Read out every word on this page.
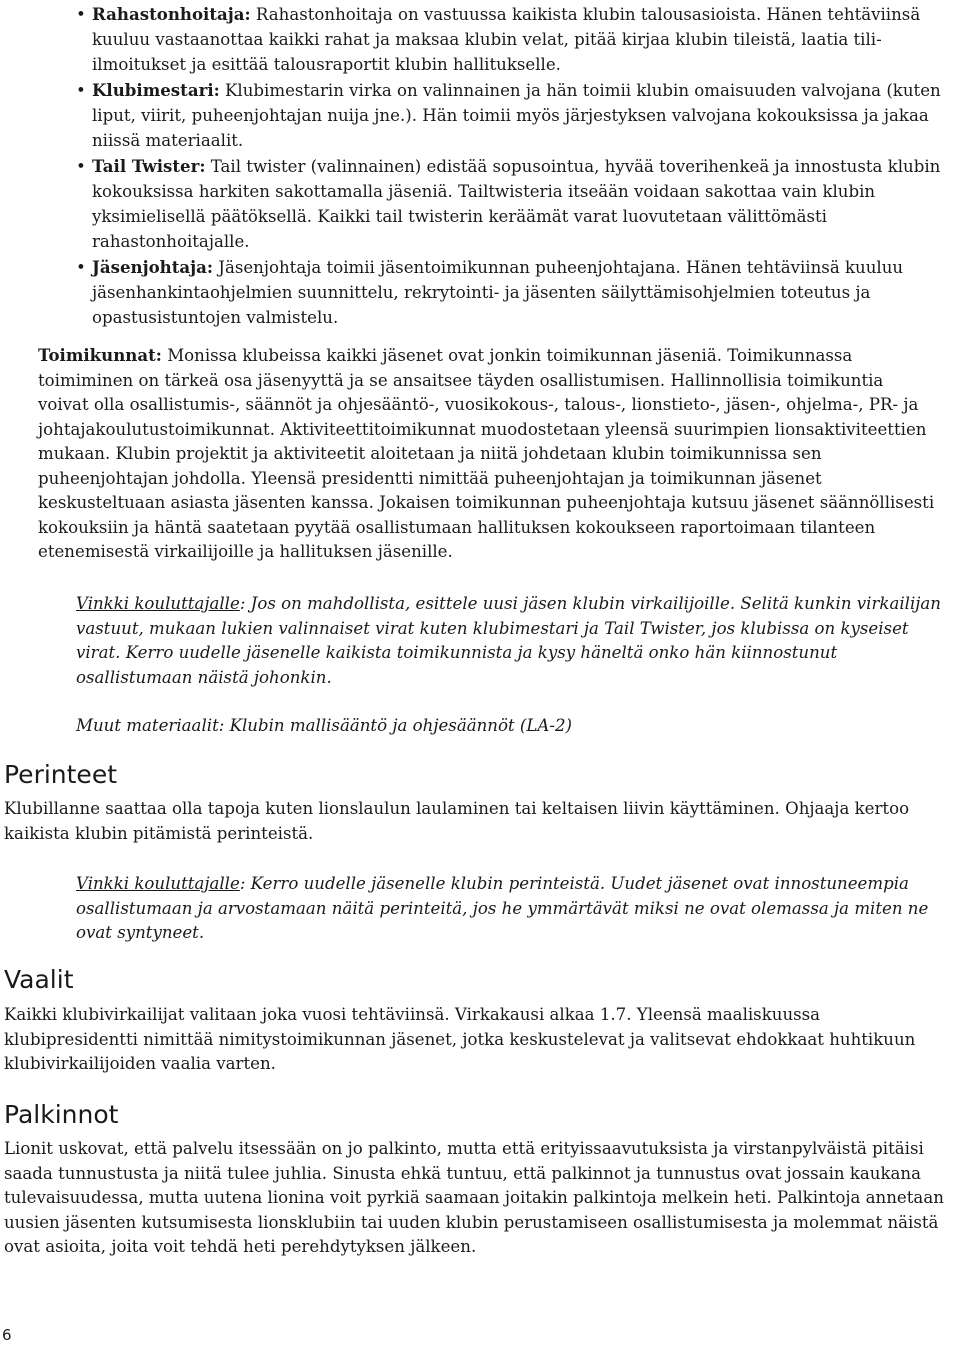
• Rahastonhoitaja: Rahastonhoitaja on vastuussa kaikista klubin talousasioista. Hänen tehtäviinsä kuuluu vastaanottaa kaikki rahat ja maksaa klubin velat, pitää kirjaa klubin tileistä, laatia tili-ilmoitukset ja esittää talousraportit klubin hallitukselle.
• Klubimestari: Klubimestarin virka on valinnainen ja hän toimii klubin omaisuuden valvojana (kuten liput, viirit, puheenjohtajan nuija jne.). Hän toimii myös järjestyksen valvojana kokouksissa ja jakaa niissä materiaalit.
• Tail Twister: Tail twister (valinnainen) edistää sopusointua, hyvää toverihenkeä ja innostusta klubin kokouksissa harkiten sakottamalla jäseniä. Tailtwisteria itseään voidaan sakottaa vain klubin yksimielisellä päätöksellä. Kaikki tail twisterin keräämät varat luovutetaan välittömästi rahastonhoitajalle.
• Jäsenjohtaja: Jäsenjohtaja toimii jäsentoimikunnan puheenjohtajana. Hänen tehtäviinsä kuuluu jäsenhankintaohjelmien suunnittelu, rekrytointi- ja jäsenten säilyttämisohjelmien toteutus ja opastusistuntojen valmistelu.

Toimikunnat: Monissa klubeissa kaikki jäsenet ovat jonkin toimikunnan jäseniä. Toimikunnassa toimiminen on tärkeä osa jäsenyyttä ja se ansaitsee täyden osallistumisen. Hallinnollisia toimikuntia voivat olla osallistumis-, säännöt ja ohjesääntö-, vuosikokous-, talous-, lionstieto-, jäsen-, ohjelma-, PR- ja johtajakoulutustoimikunnat. Aktiviteettitoimikunnat muodostetaan yleensä suurimpien lionsaktiviteettien mukaan. Klubin projektit ja aktiviteetit aloitetaan ja niitä johdetaan klubin toimikunnissa sen puheenjohtajan johdolla. Yleensä presidentti nimittää puheenjohtajan ja toimikunnan jäsenet keskusteltuaan asiasta jäsenten kanssa. Jokaisen toimikunnan puheenjohtaja kutsuu jäsenet säännöllisesti kokouksiin ja häntä saatetaan pyytää osallistumaan hallituksen kokoukseen raportoimaan tilanteen etenemisestä virkailijoille ja hallituksen jäsenille.

Vinkki kouluttajalle: Jos on mahdollista, esittele uusi jäsen klubin virkailijoille. Selitä kunkin virkailijan vastuut, mukaan lukien valinnaiset virat kuten klubimestari ja Tail Twister, jos klubissa on kyseiset virat. Kerro uudelle jäsenelle kaikista toimikunnista ja kysy häneltä onko hän kiinnostunut osallistumaan näistä johonkin.

Muut materiaalit: Klubin mallisääntö ja ohjesäännöt (LA-2)

Perinteet

Klubillanne saattaa olla tapoja kuten lionslaulun laulaminen tai keltaisen liivin käyttäminen. Ohjaaja kertoo kaikista klubin pitämistä perinteistä.

Vinkki kouluttajalle: Kerro uudelle jäsenelle klubin perinteistä. Uudet jäsenet ovat innostuneempia osallistumaan ja arvostamaan näitä perinteitä, jos he ymmärtävät miksi ne ovat olemassa ja miten ne ovat syntyneet.

Vaalit

Kaikki klubivirkailijat valitaan joka vuosi tehtäviinsä. Virkakausi alkaa 1.7. Yleensä maaliskuussa klubipresidentti nimittää nimitystoimikunnan jäsenet, jotka keskustelevat ja valitsevat ehdokkaat huhtikuun klubivirkailijoiden vaalia varten.

Palkinnot

Lionit uskovat, että palvelu itsessään on jo palkinto, mutta että erityissaavutuksista ja virstanpylväistä pitäisi saada tunnustusta ja niitä tulee juhlia. Sinusta ehkä tuntuu, että palkinnot ja tunnustus ovat jossain kaukana tulevaisuudessa, mutta uutena lionina voit pyrkiä saamaan joitakin palkintoja melkein heti. Palkintoja annetaan uusien jäsenten kutsumisesta lionsklubiin tai uuden klubin perustamiseen osallistumisesta ja molemmat näistä ovat asioita, joita voit tehdä heti perehdytyksen jälkeen.

6
